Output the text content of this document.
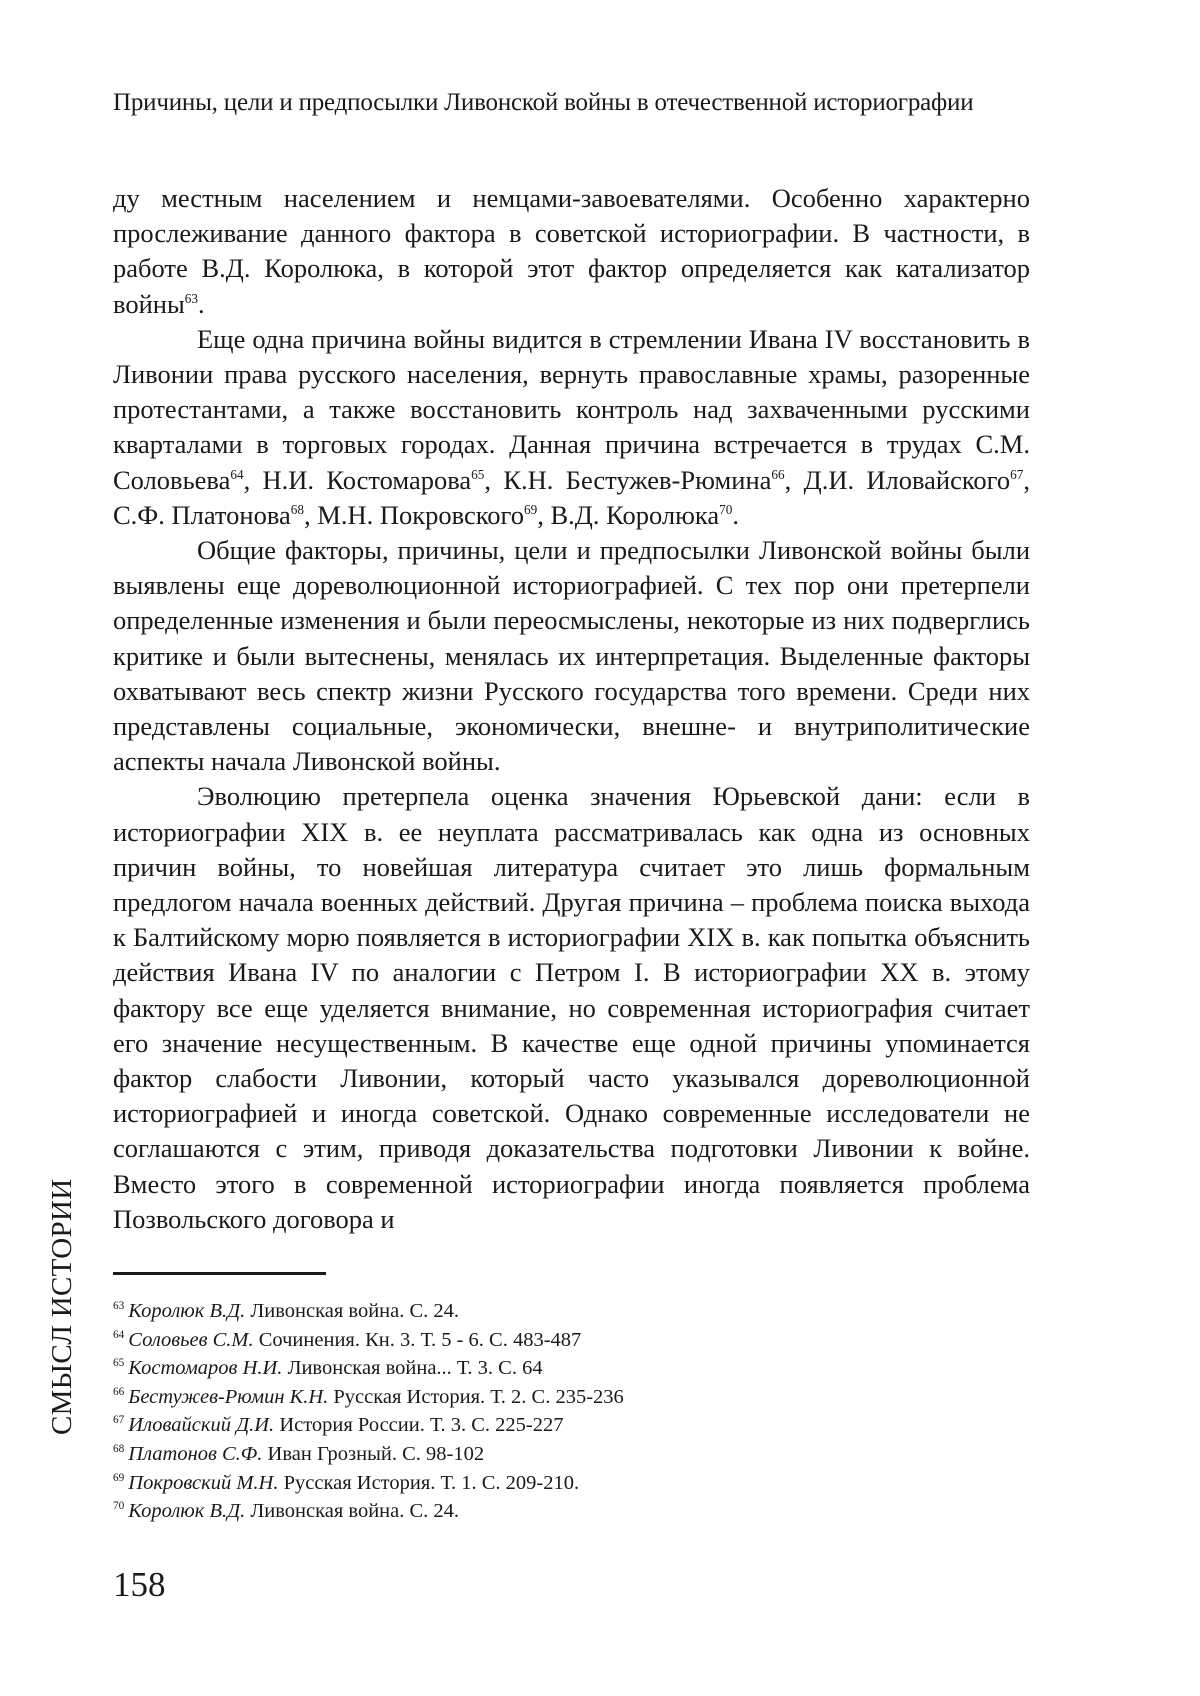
Причины, цели и предпосылки Ливонской войны в отечественной историографии

ду местным населением и немцами-завоевателями. Особенно характерно прослеживание данного фактора в советской историографии. В частности, в работе В.Д. Королюка, в которой этот фактор определяется как катализатор войны$^{63}$.

Еще одна причина войны видится в стремлении Ивана IV восстановить в Ливонии права русского населения, вернуть православные храмы, разоренные протестантами, а также восстановить контроль над захваченными русскими кварталами в торговых городах. Данная причина встречается в трудах С.М. Соловьева$^{64}$, Н.И. Костомарова$^{65}$, К.Н. Бестужев-Рюмина$^{66}$, Д.И. Иловайского$^{67}$, С.Ф. Платонова$^{68}$, М.Н. Покровского$^{69}$, В.Д. Королюка$^{70}$.

Общие факторы, причины, цели и предпосылки Ливонской войны были выявлены еще дореволюционной историографией. С тех пор они претерпели определенные изменения и были переосмыслены, некоторые из них подверглись критике и были вытеснены, менялась их интерпретация. Выделенные факторы охватывают весь спектр жизни Русского государства того времени. Среди них представлены социальные, экономически, внешне- и внутриполитические аспекты начала Ливонской войны.

Эволюцию претерпела оценка значения Юрьевской дани: если в историографии XIX в. ее неуплата рассматривалась как одна из основных причин войны, то новейшая литература считает это лишь формальным предлогом начала военных действий. Другая причина – проблема поиска выхода к Балтийскому морю появляется в историографии XIX в. как попытка объяснить действия Ивана IV по аналогии с Петром I. В историографии XX в. этому фактору все еще уделяется внимание, но современная историография считает его значение несущественным. В качестве еще одной причины упоминается фактор слабости Ливонии, который часто указывался дореволюционной историографией и иногда советской. Однако современные исследователи не соглашаются с этим, приводя доказательства подготовки Ливонии к войне. Вместо этого в современной историографии иногда появляется проблема Позвольского договора и

$^{63}$ Королюк В.Д. Ливонская война. С. 24.
$^{64}$ Соловьев С.М. Сочинения. Кн. 3. Т. 5 - 6. С. 483-487
$^{65}$ Костомаров Н.И. Ливонская война... Т. 3. С. 64
$^{66}$ Бестужев-Рюмин К.Н. Русская История. Т. 2. С. 235-236
$^{67}$ Иловайский Д.И. История России. Т. 3. С. 225-227
$^{68}$ Платонов С.Ф. Иван Грозный. С. 98-102
$^{69}$ Покровский М.Н. Русская История. Т. 1. С. 209-210.
$^{70}$ Королюк В.Д. Ливонская война. С. 24.
СМЫСЛ ИСТОРИИ
158
